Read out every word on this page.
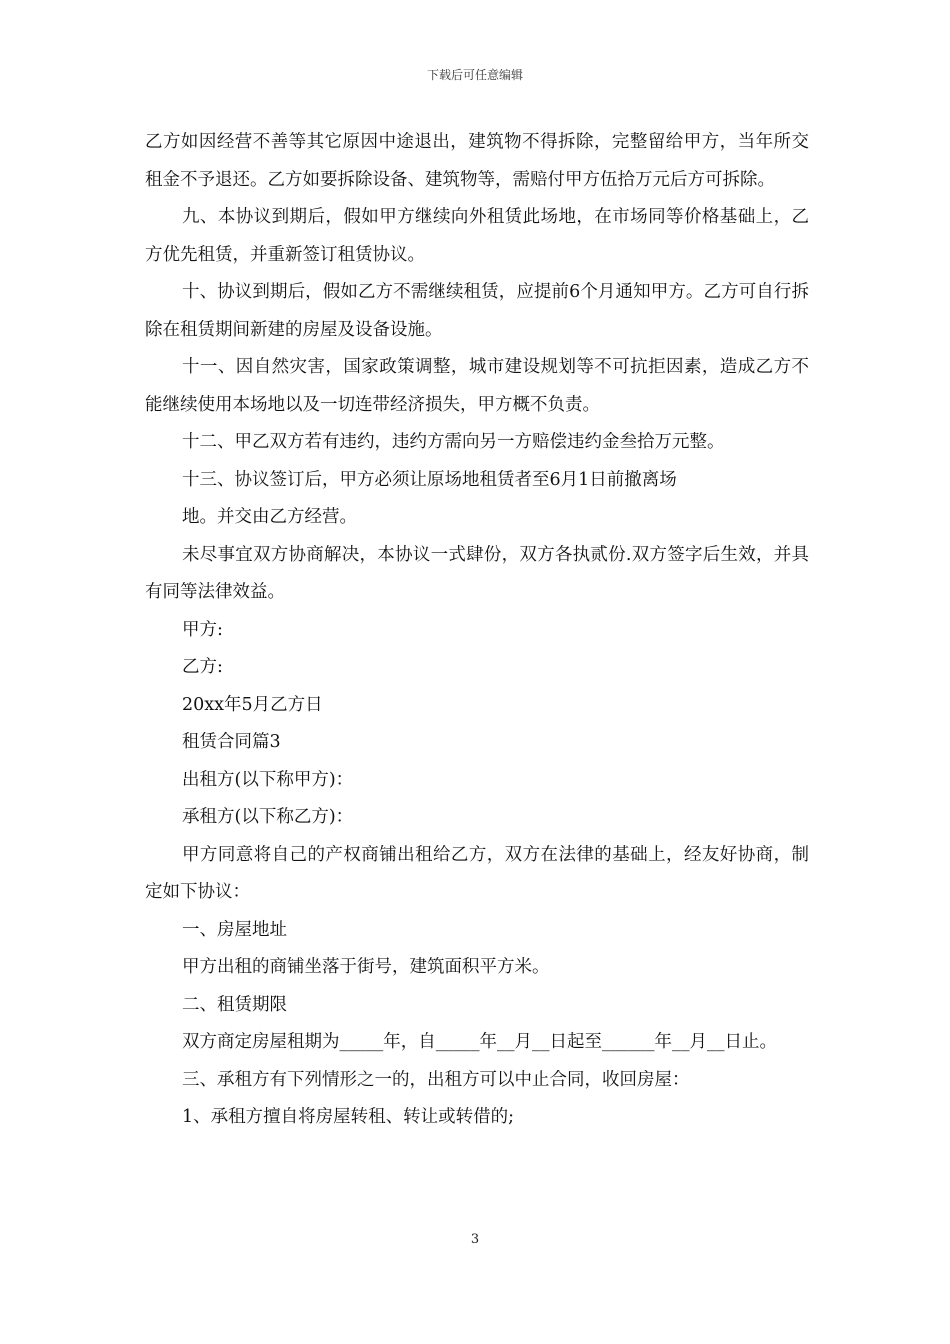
下载后可任意编辑

乙方如因经营不善等其它原因中途退出，建筑物不得拆除，完整留给甲方，当年所交租金不予退还。乙方如要拆除设备、建筑物等，需赔付甲方伍拾万元后方可拆除。

九、本协议到期后，假如甲方继续向外租赁此场地，在市场同等价格基础上，乙方优先租赁，并重新签订租赁协议。

十、协议到期后，假如乙方不需继续租赁，应提前6个月通知甲方。乙方可自行拆除在租赁期间新建的房屋及设备设施。

十一、因自然灾害，国家政策调整，城市建设规划等不可抗拒因素，造成乙方不能继续使用本场地以及一切连带经济损失，甲方概不负责。

十二、甲乙双方若有违约，违约方需向另一方赔偿违约金叁拾万元整。

十三、协议签订后，甲方必须让原场地租赁者至6月1日前撤离场

地。并交由乙方经营。

未尽事宜双方协商解决，本协议一式肆份，双方各执贰份.双方签字后生效，并具有同等法律效益。

甲方:

乙方:

20xx年5月乙方日

租赁合同篇3

出租方(以下称甲方)：

承租方(以下称乙方)：

甲方同意将自己的产权商铺出租给乙方，双方在法律的基础上，经友好协商，制定如下协议：

一、房屋地址

甲方出租的商铺坐落于街号，建筑面积平方米。

二、租赁期限

双方商定房屋租期为_____年，自_____年__月__日起至______年__月__日止。

三、承租方有下列情形之一的，出租方可以中止合同，收回房屋：

1、承租方擅自将房屋转租、转让或转借的;

3
